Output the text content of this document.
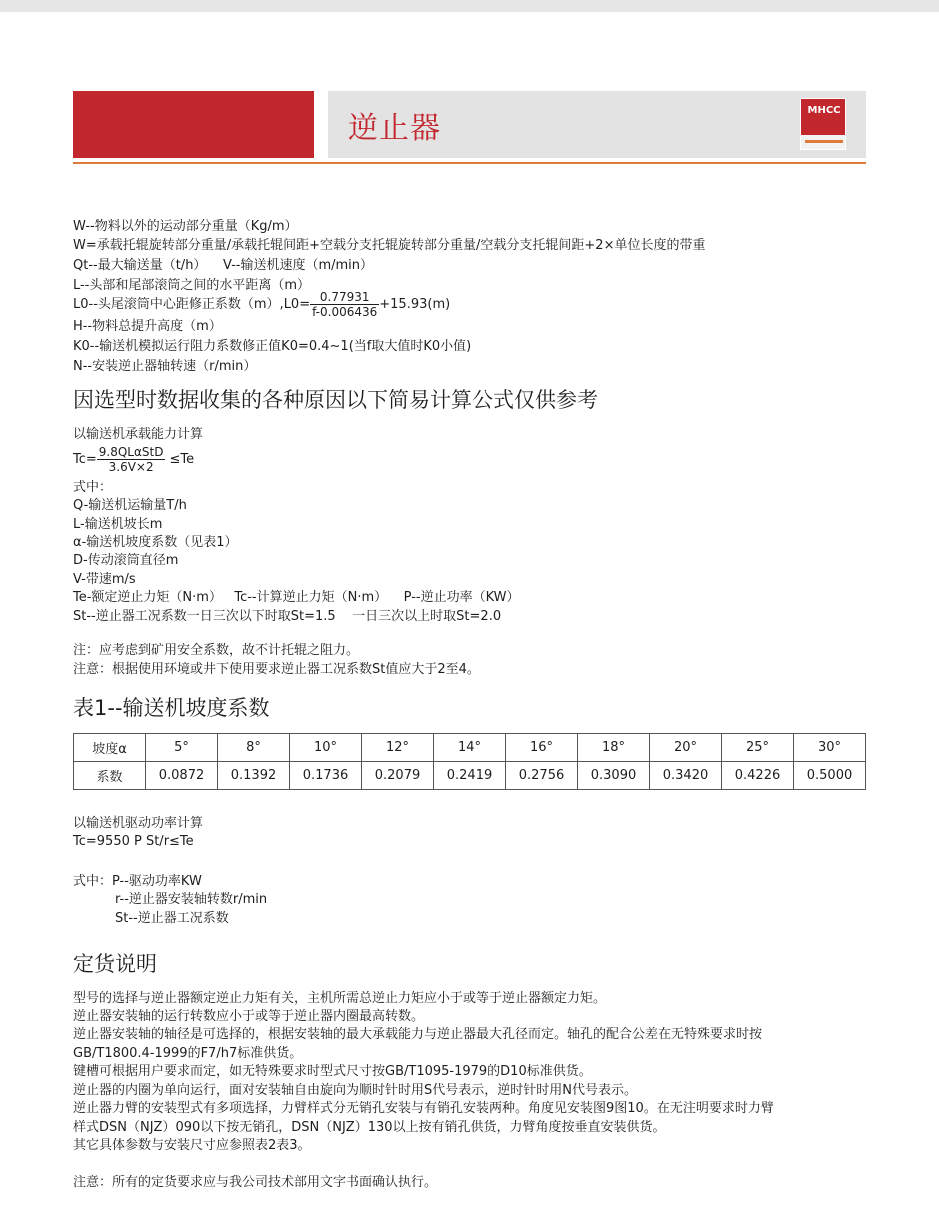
逆止器
MHCC
W--物料以外的运动部分重量（Kg/m）
W=承载托辊旋转部分重量/承载托辊间距+空载分支托辊旋转部分重量/空载分支托辊间距+2×单位长度的带重
Qt--最大输送量（t/h）    V--输送机速度（m/min）
L--头部和尾部滚筒之间的水平距离（m）
L0--头尾滚筒中心距修正系数$(m),L0= \frac{0.77931}{f-0.006436} +15.93(m)$
H--物料总提升高度（m）
K0--输送机模拟运行阻力系数修正值K0=0.4~1(当f取大值时K0小值)
N--安装逆止器轴转速（r/min）
因选型时数据收集的各种原因以下简易计算公式仅供参考
以输送机承载能力计算
$Tc= \frac{\text{9.8QLαStD}}{3.6V\times 2} \le Te$
式中：
Q-输送机运输量T/h
L-输送机坡长m
α-输送机坡度系数（见表1）
D-传动滚筒直径m
V-带速m/s
Te-额定逆止力矩（N·m）   Tc--计算逆止力矩（N·m）    P--逆止功率（KW）
St--逆止器工况系数一日三次以下时取St=1.5    一日三次以上时取St=2.0
注：应考虑到矿用安全系数，故不计托辊之阻力。
注意：根据使用环境或井下使用要求逆止器工况系数St值应大于2至4。
表1--输送机坡度系数
坡度α	5°	8°	10°	12°	14°	16°	18°	20°	25°	30°
系数	0.0872	0.1392	0.1736	0.2079	0.2419	0.2756	0.3090	0.3420	0.4226	0.5000
以输送机驱动功率计算
Tc=9550 P St/r≤Te
式中：P--驱动功率KW
r--逆止器安装轴转数r/min
St--逆止器工况系数
定货说明
型号的选择与逆止器额定逆止力矩有关，主机所需总逆止力矩应小于或等于逆止器额定力矩。
逆止器安装轴的运行转数应小于或等于逆止器内圈最高转数。
逆止器安装轴的轴径是可选择的，根据安装轴的最大承载能力与逆止器最大孔径而定。轴孔的配合公差在无特殊要求时按
GB/T1800.4-1999的F7/h7标准供货。
键槽可根据用户要求而定，如无特殊要求时型式尺寸按GB/T1095-1979的D10标准供货。
逆止器的内圈为单向运行，面对安装轴自由旋向为顺时针时用S代号表示，逆时针时用N代号表示。
逆止器力臂的安装型式有多项选择，力臂样式分无销孔安装与有销孔安装两种。角度见安装图9图10。在无注明要求时力臂
样式DSN（NJZ）090以下按无销孔，DSN（NJZ）130以上按有销孔供货，力臂角度按垂直安装供货。
其它具体参数与安装尺寸应参照表2表3。
注意：所有的定货要求应与我公司技术部用文字书面确认执行。
